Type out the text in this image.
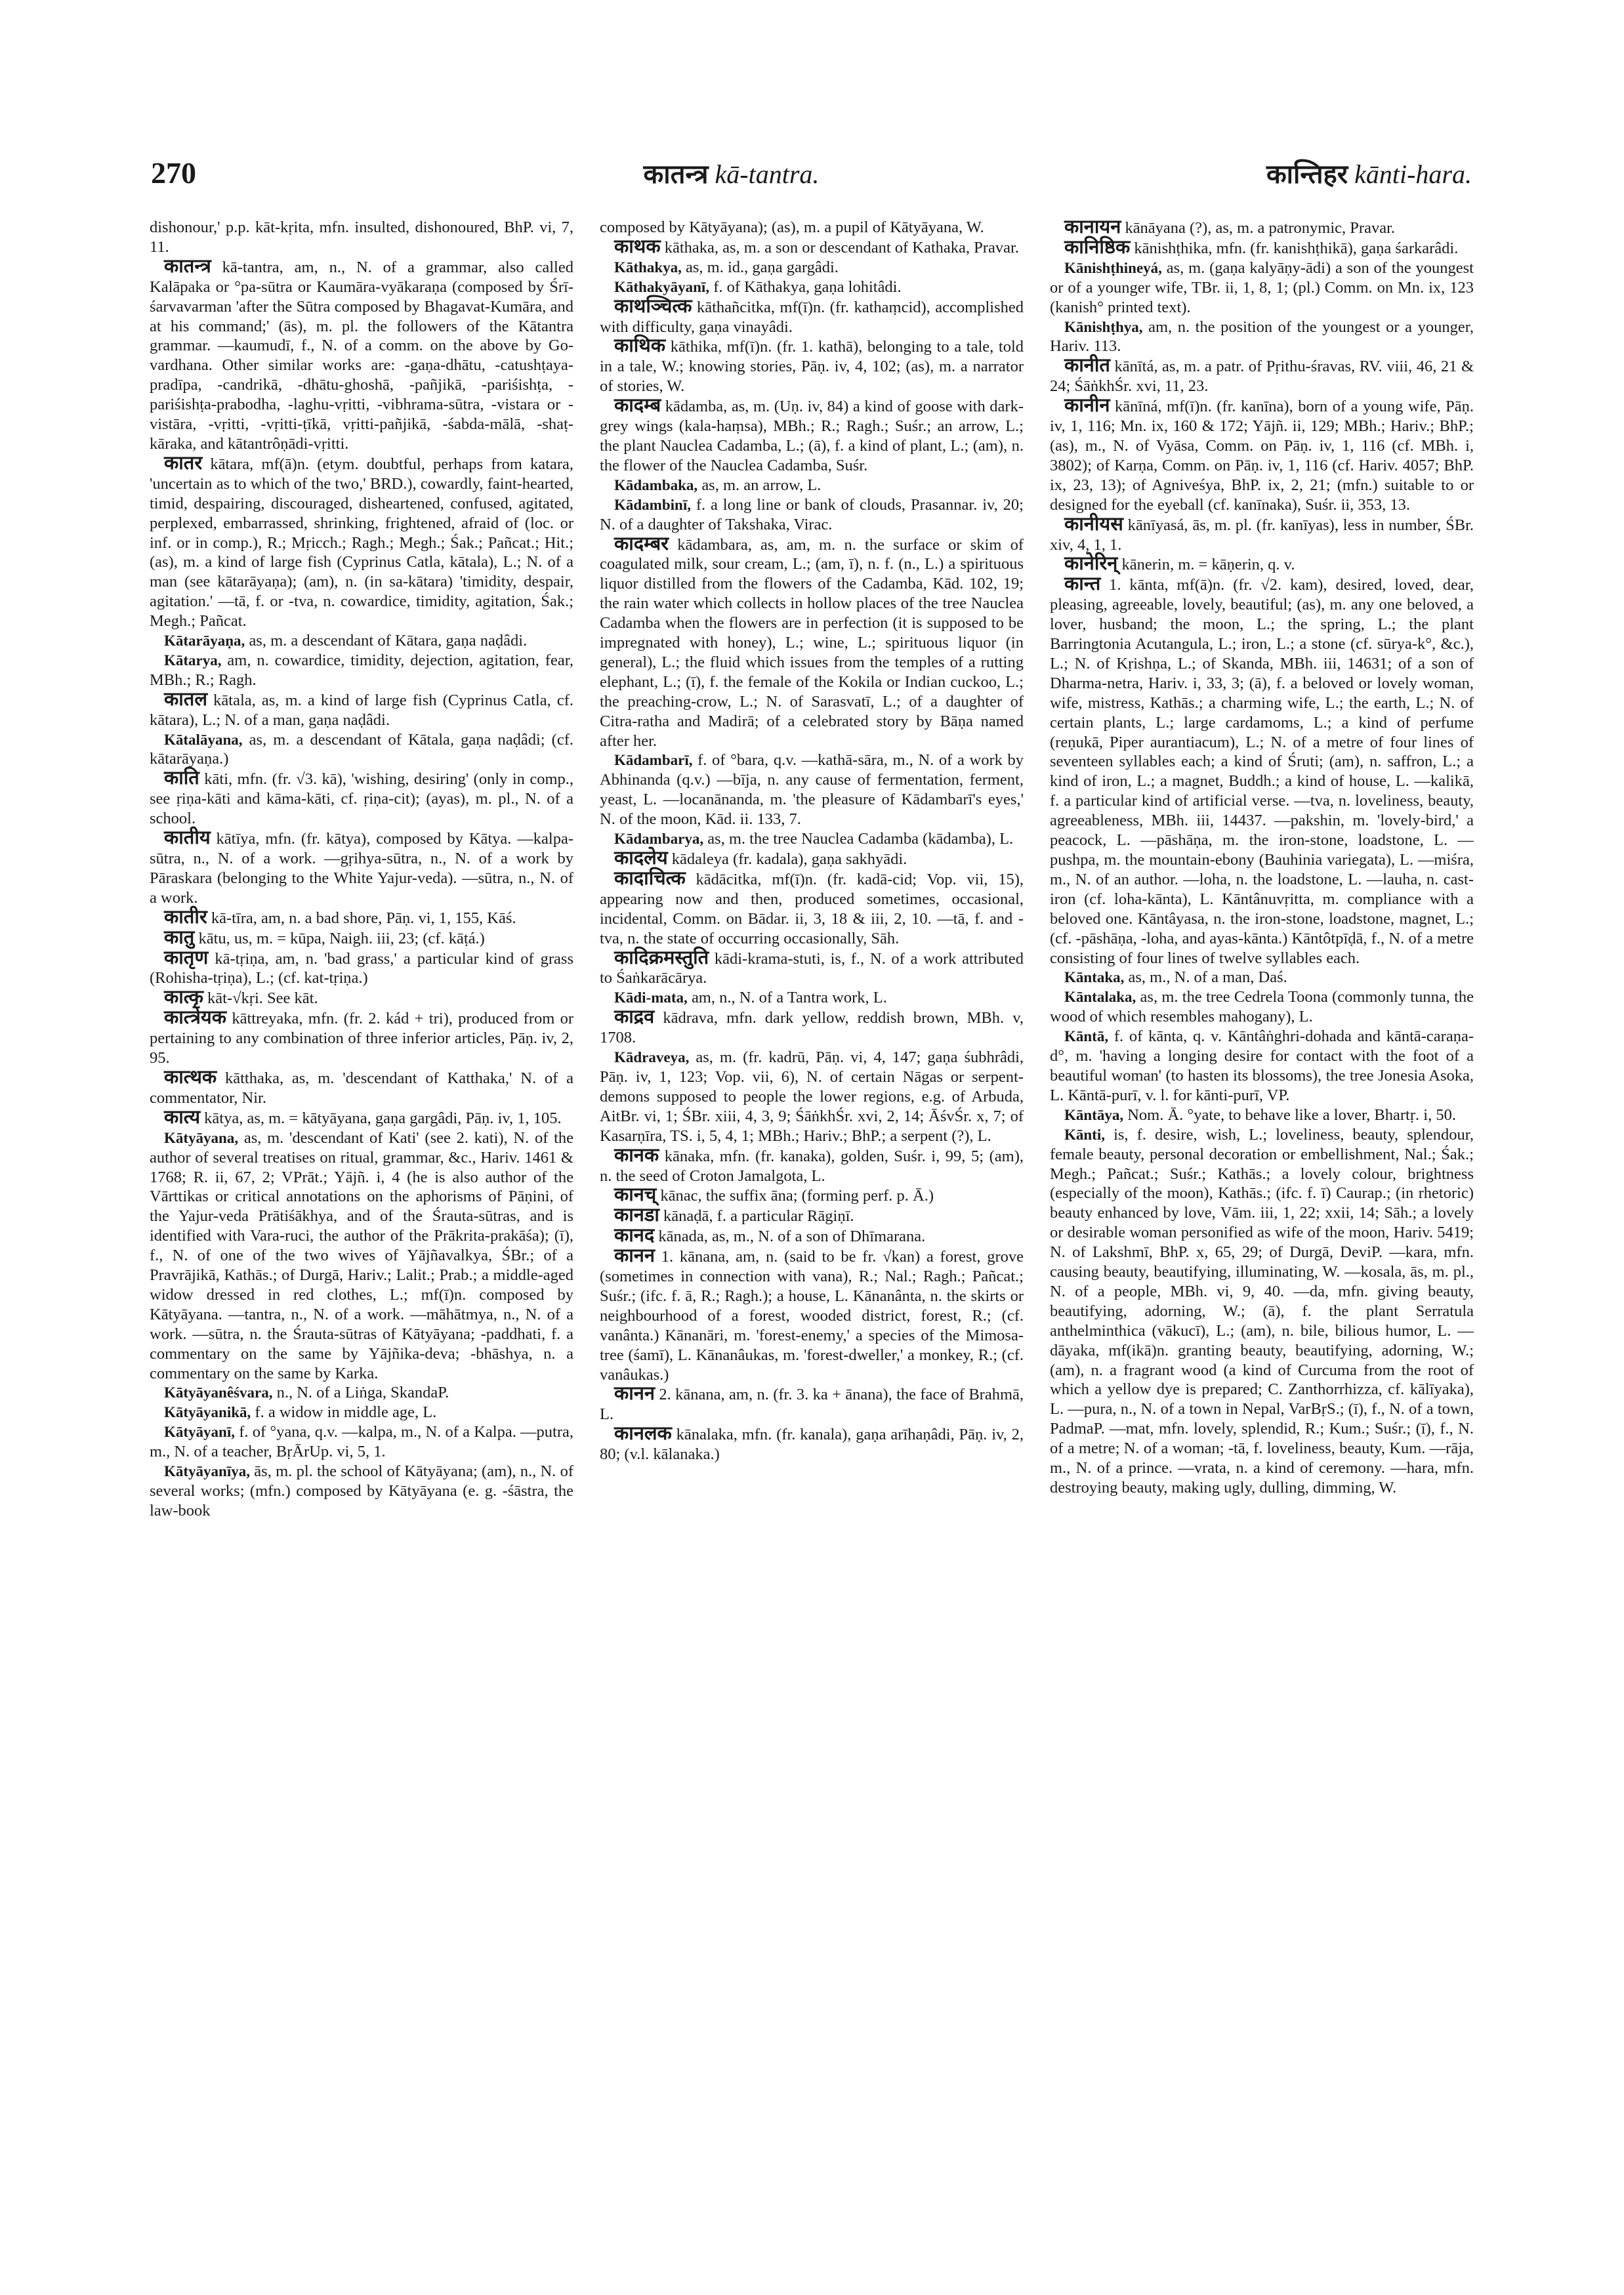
270	कातन्त्र kā-tantra.	कान्तिहर kānti-hara.

dishonour,' p.p. kāt-kṛita, mfn. insulted, dishonoured, BhP. vi, 7, 11.

कातन्त्र kā-tantra, am, n., N. of a grammar, also called Kalāpaka or °pa-sūtra or Kaumāra-vyākaraṇa (composed by Śrī-śarvavarman 'after the Sūtra composed by Bhagavat-Kumāra, and at his command;' (ās), m. pl. the followers of the Kātantra grammar. —kaumudī, f., N. of a comm. on the above by Go-vardhana. Other similar works are: -gaṇa-dhātu, -catushṭaya-pradīpa, -candrikā, -dhātu-ghoshā, -pañjikā, -pariśishṭa, -pariśishṭa-prabodha, -laghu-vṛitti, -vibhrama-sūtra, -vistara or -vistāra, -vṛitti, -vṛitti-ṭīkā, vṛitti-pañjikā, -śabda-mālā, -shaṭ-kāraka, and kātantrôṇādi-vṛitti.

कातर kātara, mf(ā)n. (etym. doubtful, perhaps from katara, 'uncertain as to which of the two,' BRD.), cowardly, faint-hearted, timid, despairing, discouraged, disheartened, confused, agitated, perplexed, embarrassed, shrinking, frightened, afraid of (loc. or inf. or in comp.), R.; Mṛicch.; Ragh.; Megh.; Śak.; Pañcat.; Hit.; (as), m. a kind of large fish (Cyprinus Catla, kātala), L.; N. of a man (see kātarāyaṇa); (am), n. (in sa-kātara) 'timidity, despair, agitation.' —tā, f. or -tva, n. cowardice, timidity, agitation, Śak.; Megh.; Pañcat.

Kātarāyaṇa, as, m. a descendant of Kātara, gaṇa naḍâdi.

Kātarya, am, n. cowardice, timidity, dejection, agitation, fear, MBh.; R.; Ragh.

कातल kātala, as, m. a kind of large fish (Cyprinus Catla, cf. kātara), L.; N. of a man, gaṇa naḍâdi.

Kātalāyana, as, m. a descendant of Kātala, gaṇa naḍâdi; (cf. kātarāyaṇa.)

काति kāti, mfn. (fr. √3. kā), 'wishing, desiring' (only in comp., see ṛiṇa-kāti and kāma-kāti, cf. ṛiṇa-cit); (ayas), m. pl., N. of a school.

कातीय kātīya, mfn. (fr. kātya), composed by Kātya. —kalpa-sūtra, n., N. of a work. —gṛihya-sūtra, n., N. of a work by Pāraskara (belonging to the White Yajur-veda). —sūtra, n., N. of a work.

कातीर kā-tīra, am, n. a bad shore, Pāṇ. vi, 1, 155, Kāś.

कातु kātu, us, m. = kūpa, Naigh. iii, 23; (cf. kāṭá.)

कातृण kā-tṛiṇa, am, n. 'bad grass,' a particular kind of grass (Rohisha-tṛiṇa), L.; (cf. kat-tṛiṇa.)

कात्कृ kāt-√kṛi. See kāt.

कात्त्रेयक kāttreyaka, mfn. (fr. 2. kád + tri), produced from or pertaining to any combination of three inferior articles, Pāṇ. iv, 2, 95.

कात्थक kātthaka, as, m. 'descendant of Katthaka,' N. of a commentator, Nir.

कात्य kātya, as, m. = kātyāyana, gaṇa gargâdi, Pāṇ. iv, 1, 105.

Kātyāyana, as, m. 'descendant of Kati' (see 2. kati), N. of the author of several treatises on ritual, grammar, &c., Hariv. 1461 & 1768; R. ii, 67, 2; VPrāt.; Yājñ. i, 4 (he is also author of the Vārttikas or critical annotations on the aphorisms of Pāṇini, of the Yajur-veda Prātiśākhya, and of the Śrauta-sūtras, and is identified with Vara-ruci, the author of the Prākrita-prakāśa); (ī), f., N. of one of the two wives of Yājñavalkya, ŚBr.; of a Pravrājikā, Kathās.; of Durgā, Hariv.; Lalit.; Prab.; a middle-aged widow dressed in red clothes, L.; mf(ī)n. composed by Kātyāyana. —tantra, n., N. of a work. —māhātmya, n., N. of a work. —sūtra, n. the Śrauta-sūtras of Kātyāyana; -paddhati, f. a commentary on the same by Yājñika-deva; -bhāshya, n. a commentary on the same by Karka.

Kātyāyanêśvara, n., N. of a Liṅga, SkandaP.

Kātyāyanikā, f. a widow in middle age, L.

Kātyāyanī, f. of °yana, q.v. —kalpa, m., N. of a Kalpa. —putra, m., N. of a teacher, BṛĀrUp. vi, 5, 1.

Kātyāyanīya, ās, m. pl. the school of Kātyāyana; (am), n., N. of several works; (mfn.) composed by Kātyāyana (e. g. -śāstra, the law-book

composed by Kātyāyana); (as), m. a pupil of Kātyāyana, W.

काथक kāthaka, as, m. a son or descendant of Kathaka, Pravar.

Kāthakya, as, m. id., gaṇa gargâdi.

Kāthakyāyanī, f. of Kāthakya, gaṇa lohitâdi.

काथञ्चित्क kāthañcitka, mf(ī)n. (fr. kathaṃcid), accomplished with difficulty, gaṇa vinayâdi.

काथिक kāthika, mf(ī)n. (fr. 1. kathā), belonging to a tale, told in a tale, W.; knowing stories, Pāṇ. iv, 4, 102; (as), m. a narrator of stories, W.

कादम्ब kādamba, as, m. (Uṇ. iv, 84) a kind of goose with dark-grey wings (kala-haṃsa), MBh.; R.; Ragh.; Suśr.; an arrow, L.; the plant Nauclea Cadamba, L.; (ā), f. a kind of plant, L.; (am), n. the flower of the Nauclea Cadamba, Suśr.

Kādambaka, as, m. an arrow, L.

Kādambinī, f. a long line or bank of clouds, Prasannar. iv, 20; N. of a daughter of Takshaka, Virac.

कादम्बर kādambara, as, am, m. n. the surface or skim of coagulated milk, sour cream, L.; (am, ī), n. f. (n., L.) a spirituous liquor distilled from the flowers of the Cadamba, Kād. 102, 19; the rain water which collects in hollow places of the tree Nauclea Cadamba when the flowers are in perfection (it is supposed to be impregnated with honey), L.; wine, L.; spirituous liquor (in general), L.; the fluid which issues from the temples of a rutting elephant, L.; (ī), f. the female of the Kokila or Indian cuckoo, L.; the preaching-crow, L.; N. of Sarasvatī, L.; of a daughter of Citra-ratha and Madirā; of a celebrated story by Bāṇa named after her.

Kādambarī, f. of °bara, q.v. —kathā-sāra, m., N. of a work by Abhinanda (q.v.) —bīja, n. any cause of fermentation, ferment, yeast, L. —locanānanda, m. 'the pleasure of Kādambarī's eyes,' N. of the moon, Kād. ii. 133, 7.

Kādambarya, as, m. the tree Nauclea Cadamba (kādamba), L.

कादलेय kādaleya (fr. kadala), gaṇa sakhyādi.

कादाचित्क kādācitka, mf(ī)n. (fr. kadā-cid; Vop. vii, 15), appearing now and then, produced sometimes, occasional, incidental, Comm. on Bādar. ii, 3, 18 & iii, 2, 10. —tā, f. and -tva, n. the state of occurring occasionally, Sāh.

कादिक्रमस्तुति kādi-krama-stuti, is, f., N. of a work attributed to Śaṅkarācārya.

Kādi-mata, am, n., N. of a Tantra work, L.

काद्रव kādrava, mfn. dark yellow, reddish brown, MBh. v, 1708.

Kādraveya, as, m. (fr. kadrū, Pāṇ. vi, 4, 147; gaṇa śubhrâdi, Pāṇ. iv, 1, 123; Vop. vii, 6), N. of certain Nāgas or serpent-demons supposed to people the lower regions, e.g. of Arbuda, AitBr. vi, 1; ŚBr. xiii, 4, 3, 9; ŚāṅkhŚr. xvi, 2, 14; ĀśvŚr. x, 7; of Kasarṇīra, TS. i, 5, 4, 1; MBh.; Hariv.; BhP.; a serpent (?), L.

कानक kānaka, mfn. (fr. kanaka), golden, Suśr. i, 99, 5; (am), n. the seed of Croton Jamalgota, L.

कानच् kānac, the suffix āna; (forming perf. p. Ā.)

कानडा kānaḍā, f. a particular Rāgiṇī.

कानद kānada, as, m., N. of a son of Dhīmarana.

कानन 1. kānana, am, n. (said to be fr. √kan) a forest, grove (sometimes in connection with vana), R.; Nal.; Ragh.; Pañcat.; Suśr.; (ifc. f. ā, R.; Ragh.); a house, L. Kānanânta, n. the skirts or neighbourhood of a forest, wooded district, forest, R.; (cf. vanânta.) Kānanāri, m. 'forest-enemy,' a species of the Mimosa-tree (śamī), L. Kānanâukas, m. 'forest-dweller,' a monkey, R.; (cf. vanâukas.)

कानन 2. kānana, am, n. (fr. 3. ka + ānana), the face of Brahmā, L.

कानलक kānalaka, mfn. (fr. kanala), gaṇa arīhaṇâdi, Pāṇ. iv, 2, 80; (v.l. kālanaka.)

कानायन kānāyana (?), as, m. a patronymic, Pravar.

कानिष्ठिक kānishṭhika, mfn. (fr. kanishṭhikā), gaṇa śarkarâdi.

Kānishṭhineyá, as, m. (gaṇa kalyāṇy-ādi) a son of the youngest or of a younger wife, TBr. ii, 1, 8, 1; (pl.) Comm. on Mn. ix, 123 (kanish° printed text).

Kānishṭhya, am, n. the position of the youngest or a younger, Hariv. 113.

कानीत kānītá, as, m. a patr. of Pṛithu-śravas, RV. viii, 46, 21 & 24; ŚāṅkhŚr. xvi, 11, 23.

कानीन kānīná, mf(ī)n. (fr. kanīna), born of a young wife, Pāṇ. iv, 1, 116; Mn. ix, 160 & 172; Yājñ. ii, 129; MBh.; Hariv.; BhP.; (as), m., N. of Vyāsa, Comm. on Pāṇ. iv, 1, 116 (cf. MBh. i, 3802); of Karṇa, Comm. on Pāṇ. iv, 1, 116 (cf. Hariv. 4057; BhP. ix, 23, 13); of Agniveśya, BhP. ix, 2, 21; (mfn.) suitable to or designed for the eyeball (cf. kanīnaka), Suśr. ii, 353, 13.

कानीयस kānīyasá, ās, m. pl. (fr. kanīyas), less in number, ŚBr. xiv, 4, 1, 1.

कानेरिन् kānerin, m. = kāṇerin, q. v.

कान्त 1. kānta, mf(ā)n. (fr. √2. kam), desired, loved, dear, pleasing, agreeable, lovely, beautiful; (as), m. any one beloved, a lover, husband; the moon, L.; the spring, L.; the plant Barringtonia Acutangula, L.; iron, L.; a stone (cf. sūrya-k°, &c.), L.; N. of Kṛishṇa, L.; of Skanda, MBh. iii, 14631; of a son of Dharma-netra, Hariv. i, 33, 3; (ā), f. a beloved or lovely woman, wife, mistress, Kathās.; a charming wife, L.; the earth, L.; N. of certain plants, L.; large cardamoms, L.; a kind of perfume (reṇukā, Piper aurantiacum), L.; N. of a metre of four lines of seventeen syllables each; a kind of Śruti; (am), n. saffron, L.; a kind of iron, L.; a magnet, Buddh.; a kind of house, L. —kalikā, f. a particular kind of artificial verse. —tva, n. loveliness, beauty, agreeableness, MBh. iii, 14437. —pakshin, m. 'lovely-bird,' a peacock, L. —pāshāṇa, m. the iron-stone, loadstone, L. —pushpa, m. the mountain-ebony (Bauhinia variegata), L. —miśra, m., N. of an author. —loha, n. the loadstone, L. —lauha, n. cast-iron (cf. loha-kānta), L. Kāntânuvṛitta, m. compliance with a beloved one. Kāntâyasa, n. the iron-stone, loadstone, magnet, L.; (cf. -pāshāṇa, -loha, and ayas-kānta.) Kāntôtpīḍā, f., N. of a metre consisting of four lines of twelve syllables each.

Kāntaka, as, m., N. of a man, Daś.

Kāntalaka, as, m. the tree Cedrela Toona (commonly tunna, the wood of which resembles mahogany), L.

Kāntā, f. of kānta, q. v. Kāntâṅghri-dohada and kāntā-caraṇa-d°, m. 'having a longing desire for contact with the foot of a beautiful woman' (to hasten its blossoms), the tree Jonesia Asoka, L. Kāntā-purī, v. l. for kānti-purī, VP.

Kāntāya, Nom. Ā. °yate, to behave like a lover, Bhartṛ. i, 50.

Kānti, is, f. desire, wish, L.; loveliness, beauty, splendour, female beauty, personal decoration or embellishment, Nal.; Śak.; Megh.; Pañcat.; Suśr.; Kathās.; a lovely colour, brightness (especially of the moon), Kathās.; (ifc. f. ī) Caurap.; (in rhetoric) beauty enhanced by love, Vām. iii, 1, 22; xxii, 14; Sāh.; a lovely or desirable woman personified as wife of the moon, Hariv. 5419; N. of Lakshmī, BhP. x, 65, 29; of Durgā, DeviP. —kara, mfn. causing beauty, beautifying, illuminating, W. —kosala, ās, m. pl., N. of a people, MBh. vi, 9, 40. —da, mfn. giving beauty, beautifying, adorning, W.; (ā), f. the plant Serratula anthelminthica (vākucī), L.; (am), n. bile, bilious humor, L. —dāyaka, mf(ikā)n. granting beauty, beautifying, adorning, W.; (am), n. a fragrant wood (a kind of Curcuma from the root of which a yellow dye is prepared; C. Zanthorrhizza, cf. kālīyaka), L. —pura, n., N. of a town in Nepal, VarBṛS.; (ī), f., N. of a town, PadmaP. —mat, mfn. lovely, splendid, R.; Kum.; Suśr.; (ī), f., N. of a metre; N. of a woman; -tā, f. loveliness, beauty, Kum. —rāja, m., N. of a prince. —vrata, n. a kind of ceremony. —hara, mfn. destroying beauty, making ugly, dulling, dimming, W.
